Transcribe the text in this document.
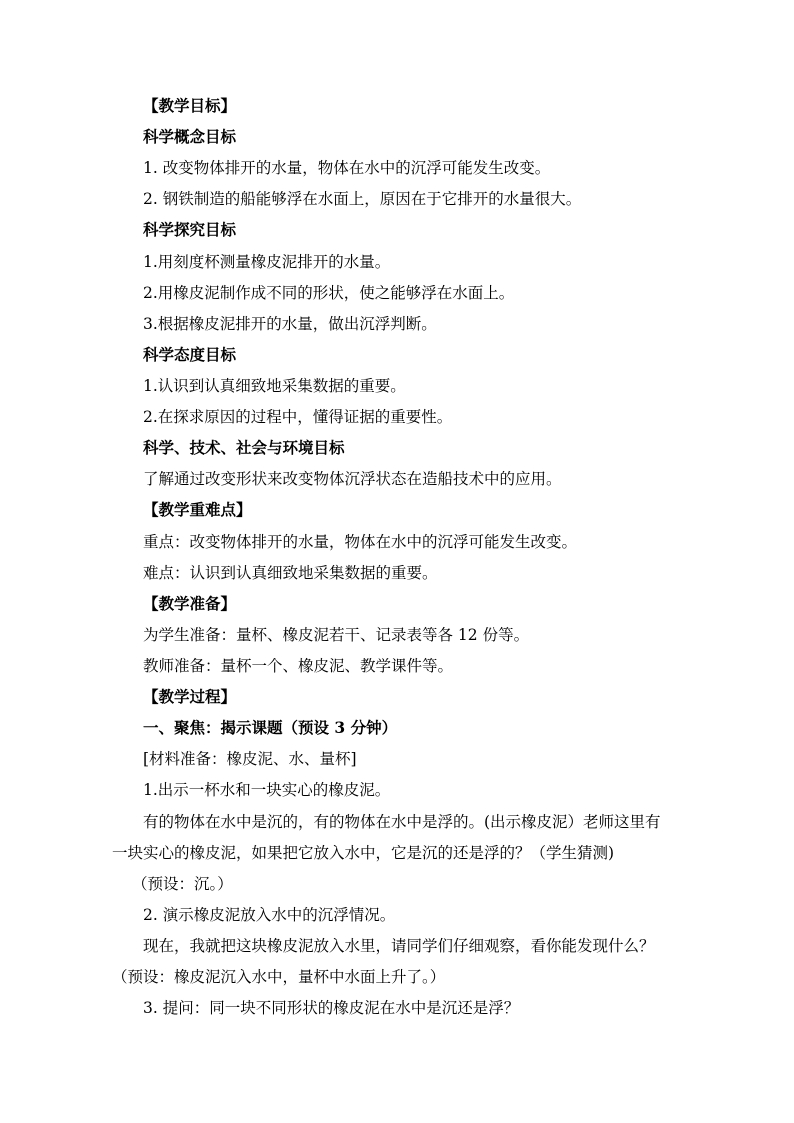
【教学目标】
科学概念目标
1. 改变物体排开的水量，物体在水中的沉浮可能发生改变。
2. 钢铁制造的船能够浮在水面上，原因在于它排开的水量很大。
科学探究目标
1.用刻度杯测量橡皮泥排开的水量。
2.用橡皮泥制作成不同的形状，使之能够浮在水面上。
3.根据橡皮泥排开的水量，做出沉浮判断。
科学态度目标
1.认识到认真细致地采集数据的重要。
2.在探求原因的过程中，懂得证据的重要性。
科学、技术、社会与环境目标
了解通过改变形状来改变物体沉浮状态在造船技术中的应用。
【教学重难点】
重点：改变物体排开的水量，物体在水中的沉浮可能发生改变。
难点：认识到认真细致地采集数据的重要。
【教学准备】
为学生准备：量杯、橡皮泥若干、记录表等各 12 份等。
教师准备：量杯一个、橡皮泥、教学课件等。
【教学过程】
一、聚焦：揭示课题（预设 3 分钟）
[材料准备：橡皮泥、水、量杯]
1.出示一杯水和一块实心的橡皮泥。
有的物体在水中是沉的，有的物体在水中是浮的。(出示橡皮泥）老师这里有
一块实心的橡皮泥，如果把它放入水中，它是沉的还是浮的？（学生猜测)
（预设：沉。）
2. 演示橡皮泥放入水中的沉浮情况。
现在，我就把这块橡皮泥放入水里，请同学们仔细观察，看你能发现什么？
（预设：橡皮泥沉入水中，量杯中水面上升了。）
3. 提问：同一块不同形状的橡皮泥在水中是沉还是浮？
